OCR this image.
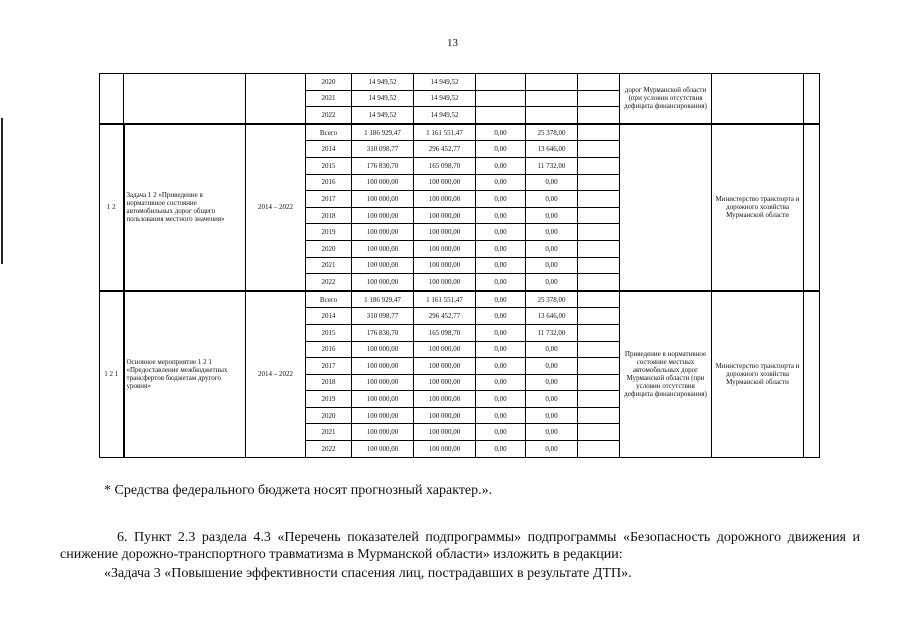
13
			2020	14 949,52	14 949,52				дорог Мурманской области (при условии отсутствия дефицита финансирования)		
			2021	14 949,52	14 949,52						
			2022	14 949,52	14 949,52						
1 2	Задача 1 2 «Приведение в нормативное состояние автомобильных дорог общего пользования местного значения»	2014 – 2022	Всего	1 186 929,47	1 161 551,47	0,00	25 378,00			Министерство транспорта и дорожного хозяйства Мурманской области	
			2014	310 098,77	296 452,77	0,00	13 646,00				
			2015	176 830,70	165 098,70	0,00	11 732,00				
			2016	100 000,00	100 000,00	0,00	0,00				
			2017	100 000,00	100 000,00	0,00	0,00				
			2018	100 000,00	100 000,00	0,00	0,00				
			2019	100 000,00	100 000,00	0,00	0,00				
			2020	100 000,00	100 000,00	0,00	0,00				
			2021	100 000,00	100 000,00	0,00	0,00				
			2022	100 000,00	100 000,00	0,00	0,00				
1 2 1	Основное мероприятие 1 2 1 «Предоставление межбюджетных трансфертов бюджетам другого уровня»	2014 – 2022	Всего	1 186 929,47	1 161 551,47	0,00	25 378,00		Приведение в нормативное состояние местных автомобильных дорог Мурманской области (при условии отсутствия дефицита финансирования)	Министерство транспорта и дорожного хозяйства Мурманской области	
			2014	310 098,77	296 452,77	0,00	13 646,00				
			2015	176 830,70	165 098,70	0,00	11 732,00				
			2016	100 000,00	100 000,00	0,00	0,00				
			2017	100 000,00	100 000,00	0,00	0,00				
			2018	100 000,00	100 000,00	0,00	0,00				
			2019	100 000,00	100 000,00	0,00	0,00				
			2020	100 000,00	100 000,00	0,00	0,00				
			2021	100 000,00	100 000,00	0,00	0,00				
			2022	100 000,00	100 000,00	0,00	0,00				
* Средства федерального бюджета носят прогнозный характер.».
6. Пункт 2.3 раздела 4.3 «Перечень показателей подпрограммы» подпрограммы «Безопасность дорожного движения и снижение дорожно-транспортного травматизма в Мурманской области» изложить в редакции:
«Задача 3 «Повышение эффективности спасения лиц, пострадавших в результате ДТП».
